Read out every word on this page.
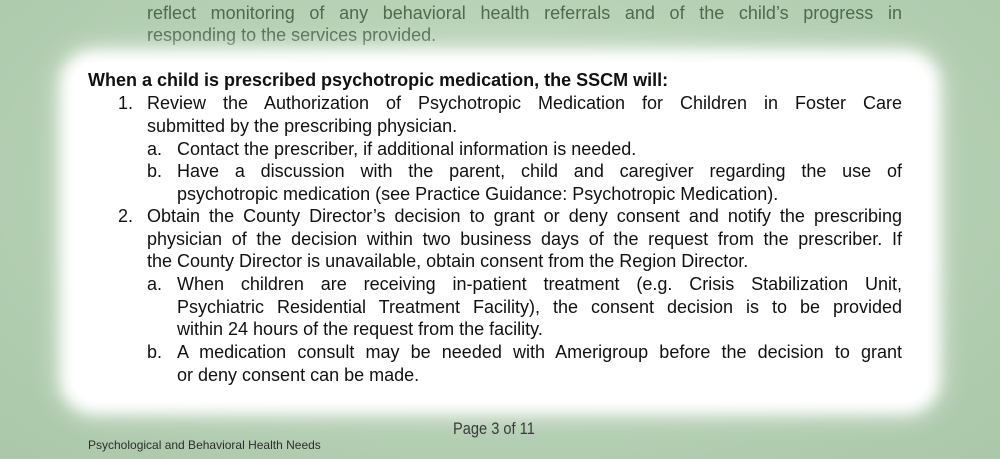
reflect monitoring of any behavioral health referrals and of the child’s progress in
responding to the services provided.
When a child is prescribed psychotropic medication, the SSCM will:
1. Review the Authorization of Psychotropic Medication for Children in Foster Care
submitted by the prescribing physician.
a. Contact the prescriber, if additional information is needed.
b. Have a discussion with the parent, child and caregiver regarding the use of
psychotropic medication (see Practice Guidance: Psychotropic Medication).
2. Obtain the County Director’s decision to grant or deny consent and notify the prescribing
physician of the decision within two business days of the request from the prescriber. If
the County Director is unavailable, obtain consent from the Region Director.
a. When children are receiving in-patient treatment (e.g. Crisis Stabilization Unit,
Psychiatric Residential Treatment Facility), the consent decision is to be provided
within 24 hours of the request from the facility.
b. A medication consult may be needed with Amerigroup before the decision to grant
or deny consent can be made.
Page 3 of 11
Psychological and Behavioral Health Needs
